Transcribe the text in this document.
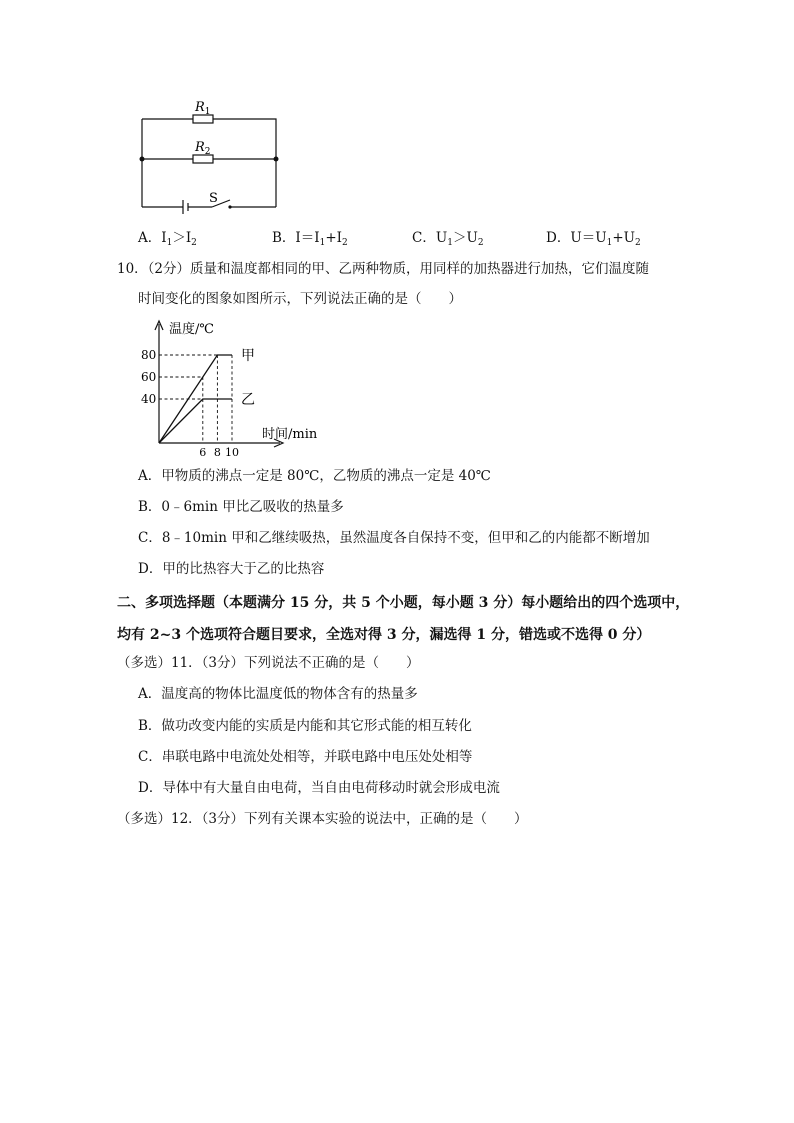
$R_1$
$R_2$
S
A．$I_1>I_2$	B．$I=I_1+I_2$	C．$U_1>U_2$	D．$U=U_1+U_2$
10．（2分）质量和温度都相同的甲、乙两种物质，用同样的加热器进行加热，它们温度随
时间变化的图象如图所示，下列说法正确的是（　　）
温度/℃
时间/min
80
60
40
6 8 10
甲
乙
A．甲物质的沸点一定是 80℃，乙物质的沸点一定是 40℃
B．0﹣6min 甲比乙吸收的热量多
C．8﹣10min 甲和乙继续吸热，虽然温度各自保持不变，但甲和乙的内能都不断增加
D．甲的比热容大于乙的比热容
二、多项选择题（本题满分 15 分，共 5 个小题，每小题 3 分）每小题给出的四个选项中，
均有 2~3 个选项符合题目要求，全选对得 3 分，漏选得 1 分，错选或不选得 0 分）
（多选）11．（3分）下列说法不正确的是（　　）
A．温度高的物体比温度低的物体含有的热量多
B．做功改变内能的实质是内能和其它形式能的相互转化
C．串联电路中电流处处相等，并联电路中电压处处相等
D．导体中有大量自由电荷，当自由电荷移动时就会形成电流
（多选）12．（3分）下列有关课本实验的说法中，正确的是（　　）
